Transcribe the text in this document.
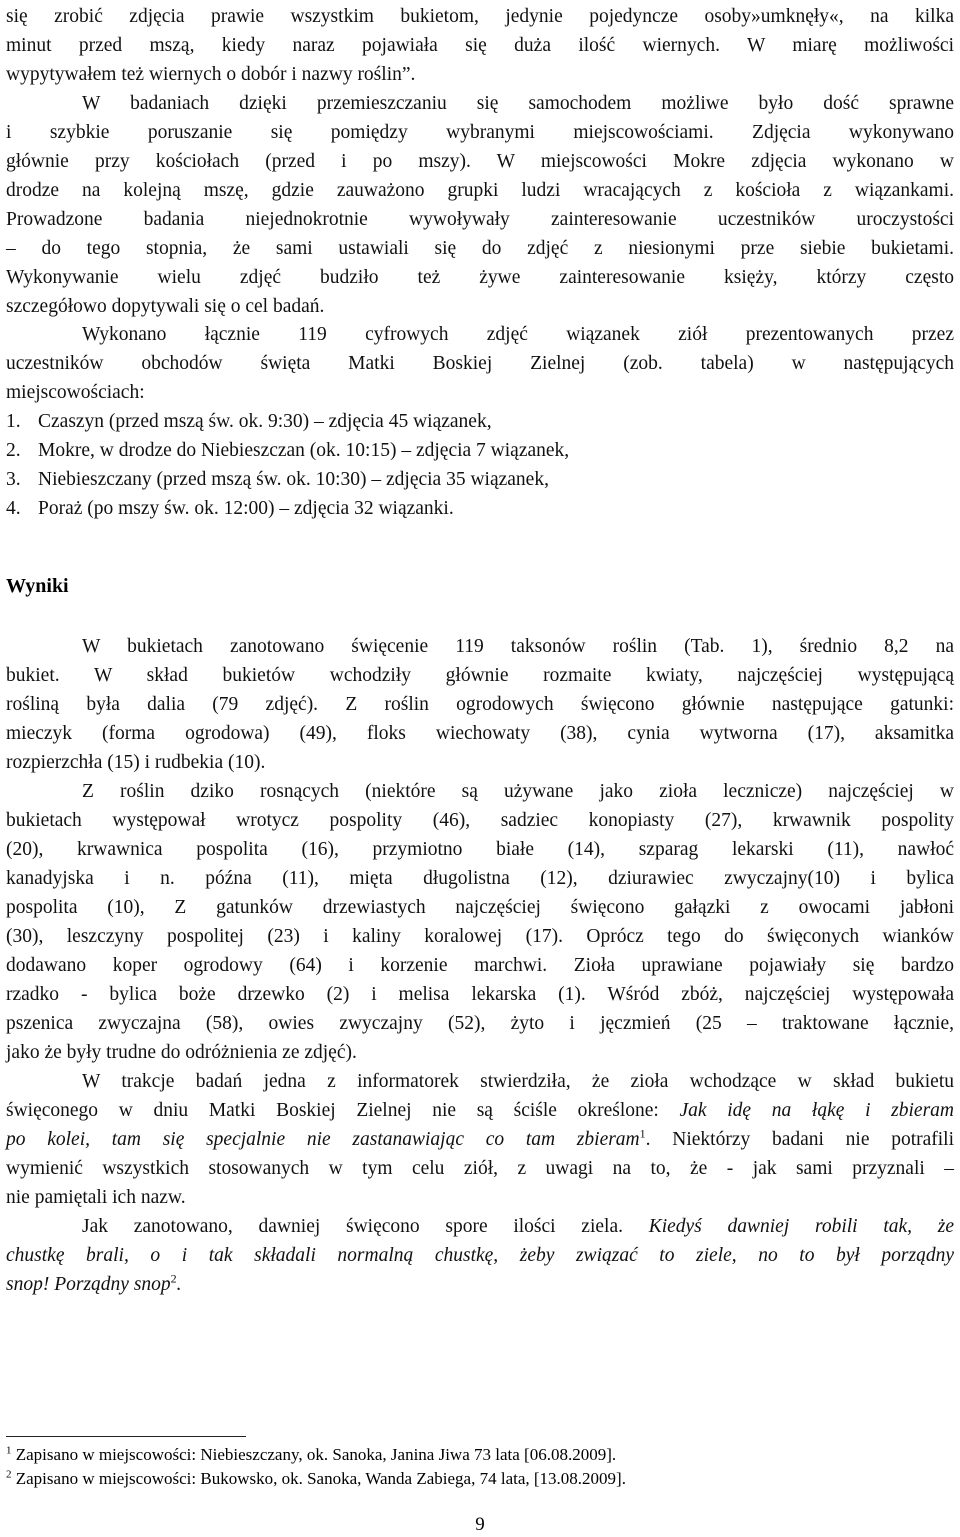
się zrobić zdjęcia prawie wszystkim bukietom, jedynie pojedyncze osoby»umknęły«, na kilka

minut przed mszą, kiedy naraz pojawiała się duża ilość wiernych. W miarę możliwości

wypytywałem też wiernych o dobór i nazwy roślin”.

W badaniach dzięki przemieszczaniu się samochodem możliwe było dość sprawne

i szybkie poruszanie się pomiędzy wybranymi miejscowościami. Zdjęcia wykonywano

głównie przy kościołach (przed i po mszy). W miejscowości Mokre zdjęcia wykonano w

drodze na kolejną mszę, gdzie zauważono grupki ludzi wracających z kościoła z wiązankami.

Prowadzone badania niejednokrotnie wywoływały zainteresowanie uczestników uroczystości

– do tego stopnia, że sami ustawiali się do zdjęć z niesionymi prze siebie bukietami.

Wykonywanie wielu zdjęć budziło też żywe zainteresowanie księży, którzy często

szczegółowo dopytywali się o cel badań.

Wykonano łącznie 119 cyfrowych zdjęć wiązanek ziół prezentowanych przez

uczestników obchodów święta Matki Boskiej Zielnej (zob. tabela) w następujących

miejscowościach:

1. Czaszyn (przed mszą św. ok. 9:30) – zdjęcia 45 wiązanek,
2. Mokre, w drodze do Niebieszczan (ok. 10:15) – zdjęcia 7 wiązanek,
3. Niebieszczany (przed mszą św. ok. 10:30) – zdjęcia 35 wiązanek,
4. Poraż (po mszy św. ok. 12:00) – zdjęcia 32 wiązanki.
Wyniki

W bukietach zanotowano święcenie 119 taksonów roślin (Tab. 1), średnio 8,2 na

bukiet. W skład bukietów wchodziły głównie rozmaite kwiaty, najczęściej występującą

rośliną była dalia (79 zdjęć). Z roślin ogrodowych święcono głównie następujące gatunki:

mieczyk (forma ogrodowa) (49), floks wiechowaty (38), cynia wytworna (17), aksamitka

rozpierzchła (15) i rudbekia (10).

Z roślin dziko rosnących (niektóre są używane jako zioła lecznicze) najczęściej w

bukietach występował wrotycz pospolity (46), sadziec konopiasty (27), krwawnik pospolity

(20), krwawnica pospolita (16), przymiotno białe (14), szparag lekarski (11), nawłoć

kanadyjska i n. późna (11), mięta długolistna (12), dziurawiec zwyczajny(10) i bylica

pospolita (10), Z gatunków drzewiastych najczęściej święcono gałązki z owocami jabłoni

(30), leszczyny pospolitej (23) i kaliny koralowej (17). Oprócz tego do święconych wianków

dodawano koper ogrodowy (64) i korzenie marchwi. Zioła uprawiane pojawiały się bardzo

rzadko - bylica boże drzewko (2) i melisa lekarska (1). Wśród zbóż, najczęściej występowała

pszenica zwyczajna (58), owies zwyczajny (52), żyto i jęczmień (25 – traktowane łącznie,

jako że były trudne do odróżnienia ze zdjęć).

W trakcje badań jedna z informatorek stwierdziła, że zioła wchodzące w skład bukietu

święconego w dniu Matki Boskiej Zielnej nie są ściśle określone: Jak idę na łąkę i zbieram

po kolei, tam się specjalnie nie zastanawiając co tam zbieram$^1$. Niektórzy badani nie potrafili

wymienić wszystkich stosowanych w tym celu ziół, z uwagi na to, że - jak sami przyznali –

nie pamiętali ich nazw.

Jak zanotowano, dawniej święcono spore ilości ziela. Kiedyś dawniej robili tak, że

chustkę brali, o i tak składali normalną chustkę, żeby związać to ziele, no to był porządny

snop! Porządny snop$^2$.

$^1$ Zapisano w miejscowości: Niebieszczany, ok. Sanoka, Janina Jiwa 73 lata [06.08.2009].
$^2$ Zapisano w miejscowości: Bukowsko, ok. Sanoka, Wanda Zabiega, 74 lata, [13.08.2009].
9
